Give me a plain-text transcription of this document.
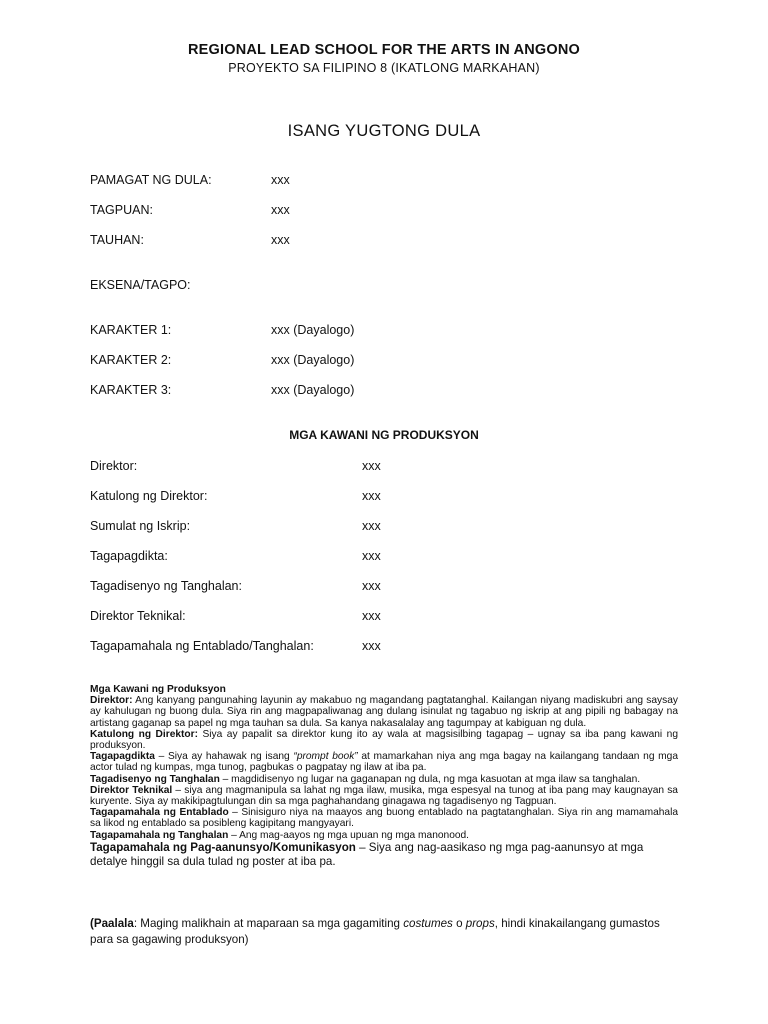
REGIONAL LEAD SCHOOL FOR THE ARTS IN ANGONO
PROYEKTO SA FILIPINO 8 (IKATLONG MARKAHAN)
ISANG YUGTONG DULA
PAMAGAT NG DULA:	xxx
TAGPUAN:	xxx
TAUHAN:	xxx
EKSENA/TAGPO:
KARAKTER 1:	xxx (Dayalogo)
KARAKTER 2:	xxx (Dayalogo)
KARAKTER 3:	xxx (Dayalogo)
MGA KAWANI NG PRODUKSYON
Direktor:	xxx
Katulong ng Direktor:	xxx
Sumulat ng Iskrip:	xxx
Tagapagdikta:	xxx
Tagadisenyo ng Tanghalan:	xxx
Direktor Teknikal:	xxx
Tagapamahala ng Entablado/Tanghalan:	xxx

Mga Kawani ng Produksyon

Direktor: Ang kanyang pangunahing layunin ay makabuo ng magandang pagtatanghal. Kailangan niyang madiskubri ang saysay ay kahulugan ng buong dula. Siya rin ang magpapaliwanag ang dulang isinulat ng tagabuo ng iskrip at ang pipili ng babagay na artistang gaganap sa papel ng mga tauhan sa dula. Sa kanya nakasalalay ang tagumpay at kabiguan ng dula.

Katulong ng Direktor: Siya ay papalit sa direktor kung ito ay wala at magsisilbing tagapag – ugnay sa iba pang kawani ng produksyon.

Tagapagdikta – Siya ay hahawak ng isang “prompt book” at mamarkahan niya ang mga bagay na kailangang tandaan ng mga actor tulad ng kumpas, mga tunog, pagbukas o pagpatay ng ilaw at iba pa.

Tagadisenyo ng Tanghalan – magdidisenyo ng lugar na gaganapan ng dula, ng mga kasuotan at mga ilaw sa tanghalan.

Direktor Teknikal – siya ang magmanipula sa lahat ng mga ilaw, musika, mga espesyal na tunog at iba pang may kaugnayan sa kuryente. Siya ay makikipagtulungan din sa mga paghahandang ginagawa ng tagadisenyo ng Tagpuan.

Tagapamahala ng Entablado – Sinisiguro niya na maayos ang buong entablado na pagtatanghalan. Siya rin ang mamamahala sa likod ng entablado sa posibleng kagipitang mangyayari.

Tagapamahala ng Tanghalan – Ang mag-aayos ng mga upuan ng mga manonood.

Tagapamahala ng Pag-aanunsyo/Komunikasyon – Siya ang nag-aasikaso ng mga pag-aanunsyo at mga detalye hinggil sa dula tulad ng poster at iba pa.

(Paalala: Maging malikhain at maparaan sa mga gagamiting costumes o props, hindi kinakailangang gumastos para sa gagawing produksyon)
